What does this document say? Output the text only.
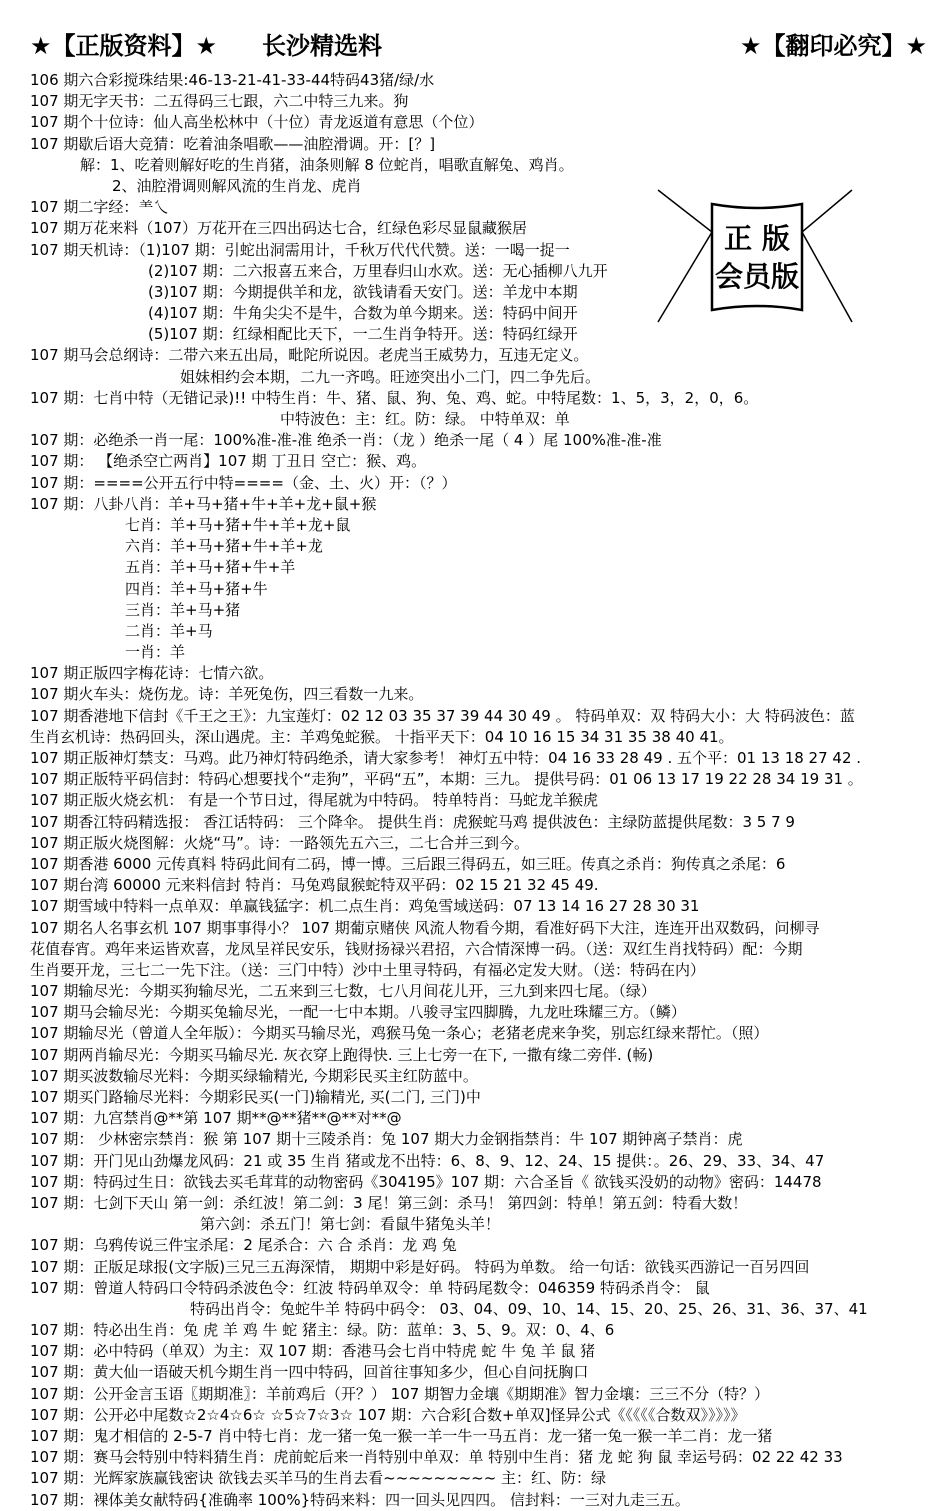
★【正版资料】★ 长沙精选料	★【翻印必究】★
106 期六合彩搅珠结果:46-13-21-41-33-44特码43猪/绿/水
107 期无字天书：二五得码三七跟，六二中特三九来。狗
107 期个十位诗：仙人高坐松林中（十位）青龙返道有意思（个位）
107 期歇后语大竞猜：吃着油条唱歌——油腔滑调。开：[？]
解：1、吃着则解好吃的生肖猪，油条则解 8 位蛇肖，唱歌直解兔、鸡肖。
2、油腔滑调则解风流的生肖龙、虎肖
107 期二字经：⺷乀
107 期万花来料（107）万花开在三四出码达七合，红绿色彩尽显鼠藏猴居
107 期天机诗：（1)107 期：引蛇出洞需用计，千秋万代代代赞。送：一喝一捉一
(2)107 期：二六报喜五来合，万里春归山水欢。送：无心插柳八九开
(3)107 期：今期提供羊和龙，欲钱请看天安门。送：羊龙中本期
(4)107 期：牛角尖尖不是牛，合数为单今期来。送：特码中间开
(5)107 期：红绿相配比天下，一二生肖争特开。送：特码红绿开
107 期马会总纲诗：二带六来五出局，毗陀所说因。老虎当王威势力，互违无定义。
姐妹相约会本期，二九一齐鸣。旺迹突出小二门，四二争先后。
107 期：七肖中特（无错记录)!! 中特生肖：牛、猪、鼠、狗、兔、鸡、蛇。中特尾数：1、5，3，2，0，6。
中特波色：主：红。防：绿。 中特单双：单
107 期：必绝杀一肖一尾：100%准-准-准 绝杀一肖：（龙 ）绝杀一尾（ 4 ）尾 100%准-准-准
107 期： 【绝杀空亡两肖】107 期 丁丑日 空亡：猴、鸡。
107 期：====公开五行中特====（金、土、火）开：（？）
107 期：八卦八肖：羊+马+猪+牛+羊+龙+鼠+猴
七肖：羊+马+猪+牛+羊+龙+鼠
六肖：羊+马+猪+牛+羊+龙
五肖：羊+马+猪+牛+羊
四肖：羊+马+猪+牛
三肖：羊+马+猪
二肖：羊+马
一肖：羊
107 期正版四字梅花诗：七情六欲。
107 期火车头：烧伤龙。诗：羊死兔伤，四三看数一九来。
107 期香港地下信封《千王之王》：九宝莲灯：02 12 03 35 37 39 44 30 49 。 特码单双：双 特码大小：大 特码波色：蓝
生肖玄机诗：热码回头，深山遇虎。主：羊鸡兔蛇猴。 十指平天下：04 10 16 15 34 31 35 38 40 41。
107 期正版神灯禁支：马鸡。此乃神灯特码绝杀，请大家参考！ 神灯五中特：04 16 33 28 49 . 五个平：01 13 18 27 42 .
107 期正版特平码信封：特码心想要找个“走狗”，平码“五”，本期：三九。 提供号码：01 06 13 17 19 22 28 34 19 31 。
107 期正版火烧玄机： 有是一个节日过，得尾就为中特码。 特单特肖：马蛇龙羊猴虎
107 期香江特码精选报： 香江话特码： 三个降伞。 提供生肖：虎猴蛇马鸡 提供波色：主绿防蓝提供尾数：3 5 7 9
107 期正版火烧图解：火烧“马”。诗：一路领先五六三，二七合并三到今。
107 期香港 6000 元传真料 特码此间有二码，博一博。三后跟三得码五，如三旺。传真之杀肖：狗传真之杀尾：6
107 期台湾 60000 元来料信封 特肖：马兔鸡鼠猴蛇特双平码：02 15 21 32 45 49.
107 期雪域中特料一点单双：单赢钱猛字：机二点生肖：鸡兔雪域送码：07 13 14 16 27 28 30 31
107 期名人名事玄机 107 期事事得小？ 107 期葡京赌侠 风流人物看今期，看准好码下大注，连连开出双数码，问柳寻
花值春宵。鸡年来运皆欢喜，龙凤呈祥民安乐，钱财扬禄兴君招，六合情深博一码。（送：双红生肖找特码）配：今期
生肖要开龙，三七二一先下注。（送：三门中特）沙中土里寻特码，有福必定发大财。（送：特码在内）
107 期输尽光：今期买狗输尽光，二五来到三七数，七八月间花儿开，三九到来四七尾。（绿）
107 期马会输尽光：今期买兔输尽光，一配一七中本期。八骏寻宝四脚腾，九龙吐珠耀三方。（鳞）
107 期输尽光（曾道人全年版）：今期买马输尽光，鸡猴马兔一条心；老猪老虎来争奖，别忘红绿来帮忙。（照）
107 期两肖输尽光：今期买马输尽光. 灰衣穿上跑得快. 三上七旁一在下, 一撒有缘二旁伴. (畅)
107 期买波数输尽光料：今期买绿输精光, 今期彩民买主红防蓝中。
107 期买门路输尽光料：今期彩民买(一门)输精光, 买(二门, 三门)中
107 期：九宫禁肖@**第 107 期**@**猪**@**对**@
107 期： 少林密宗禁肖：猴 第 107 期十三陵杀肖：兔 107 期大力金钢指禁肖：牛 107 期钟离子禁肖：虎
107 期：开门见山劲爆龙风码：21 或 35 生肖 猪或龙不出特：6、8、9、12、24、15 提供：。26、29、33、34、47
107 期：特码过生日：欲钱去买毛茸茸的动物密码《304195》107 期：六合圣旨《 欲钱买没奶的动物》密码：14478
107 期：七剑下天山 第一剑：杀红波！第二剑：3 尾！第三剑：杀马！ 第四剑：特单！第五剑：特看大数！
第六剑：杀五门！第七剑：看鼠牛猪兔头羊！
107 期：乌鸦传说三件宝杀尾：2 尾杀合：六 合 杀肖：龙 鸡 兔
107 期：正版足球报(文字版)三兄三五海深情， 期期中彩是好码。 特码为单数。 给一句话：欲钱买西游记一百另四回
107 期：曾道人特码口令特码杀波色令：红波 特码单双令：单 特码尾数令：046359 特码杀肖令： 鼠
特码出肖令：兔蛇牛羊 特码中码令： 03、04、09、10、14、15、20、25、26、31、36、37、41
107 期：特必出生肖：兔 虎 羊 鸡 牛 蛇 猪主：绿。防：蓝单：3、5、9。双：0、4、6
107 期：必中特码（单双）为主：双 107 期：香港马会七肖中特虎 蛇 牛 兔 羊 鼠 猪
107 期：黄大仙一语破天机今期生肖一四中特码，回首往事知多少，但心自问抚胸口
107 期：公开金言玉语〖期期准〗：羊前鸡后（开？） 107 期智力金壤《期期准》智力金壤：三三不分（特？）
107 期：公开必中尾数☆2☆4☆6☆ ☆5☆7☆3☆ 107 期：六合彩[合数+单双]怪异公式《《《《《合数双》》》》》
107 期：鬼才相信的 2-5-7 肖中特七肖：龙一猪一兔一猴一羊一牛一马五肖：龙一猪一兔一猴一羊二肖：龙一猪
107 期：赛马会特别中特料猜生肖：虎前蛇后来一肖特别中单双：单 特别中生肖：猪 龙 蛇 狗 鼠 幸运号码：02 22 42 33
107 期：光辉家族赢钱密诀 欲钱去买羊马的生肖去看~~~~~~~~~ 主：红、防：绿
107 期：裸体美女献特码{准确率 100%}特码来料：四一回头见四四。 信封料：一三对九走三五。
正 版
会员版
